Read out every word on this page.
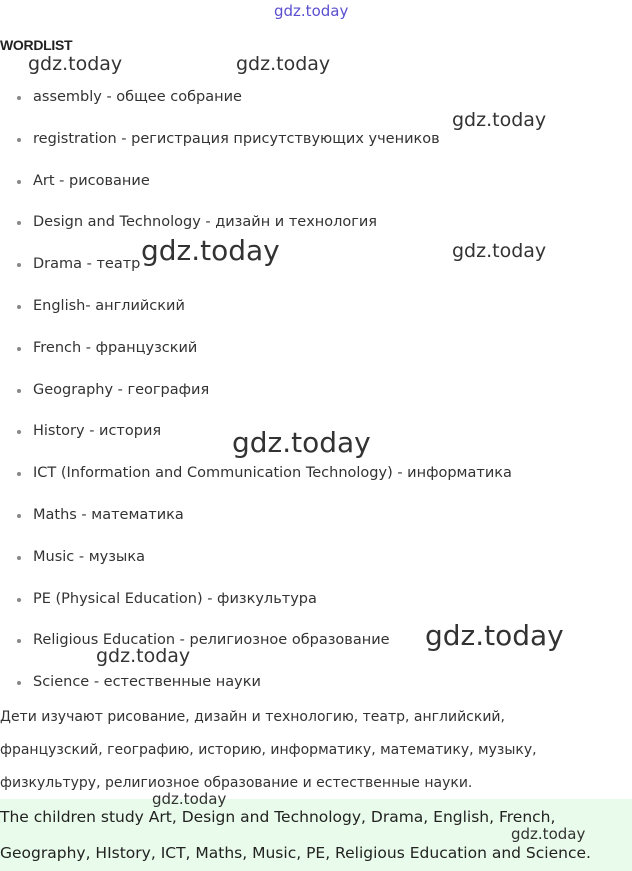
WORDLIST
assembly - общее собрание
registration - регистрация присутствующих учеников
Art - рисование
Design and Technology - дизайн и технология
Drama - театр
English- английский
French - французский
Geography - география
History - история
ICT (Information and Communication Technology) - информатика
Maths - математика
Music - музыка
PE (Physical Education) - физкультура
Religious Education - религиозное образование
Science - естественные науки
Дети изучают рисование, дизайн и технологию, театр, английский,
французский, географию, историю, информатику, математику, музыку,
физкультуру, религиозное образование и естественные науки.
The children study Art, Design and Technology, Drama, English, French,
Geography, HIstory, ICT, Maths, Music, PE, Religious Education and Science.
gdz.today
gdz.today	gdz.today
gdz.today
gdz.today	gdz.today
gdz.today
gdz.today
gdz.today
gdz.today
gdz.today
